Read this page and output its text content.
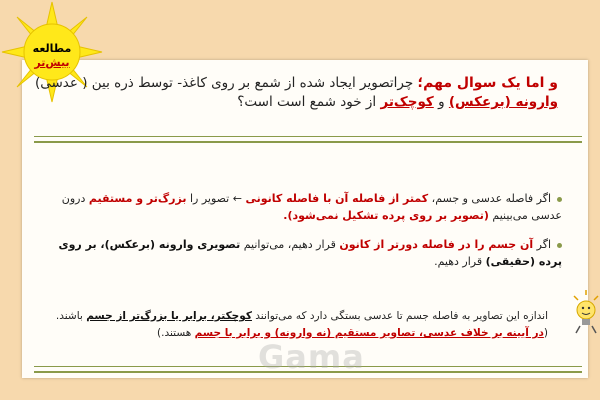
مطالعه
بیش‌تر
و اما یک سوال مهم؛ چراتصویر ایجاد شده از شمع بر روی کاغذ- توسط ذره بین ( عدسی) وارونه (برعکس) و کوچک‌تر از خود شمع است است؟
اگر فاصله عدسی و جسم، کمتر از فاصله آن با فاصله کانونی ← تصویر را بزرگ‌تر و مستقیم درون عدسی می‌بینیم (تصویر بر روی پرده تشکیل نمی‌شود).
اگر آن جسم را در فاصله دورتر از کانون قرار دهیم، می‌توانیم تصویری وارونه (برعکس)، بر روی پرده (حقیقی) قرار دهیم.
اندازه این تصاویر به فاصله جسم تا عدسی بستگی دارد که می‌توانند کوچکتر، برابر یا بزرگ‌تر از جسم باشند. (در آیینه بر خلاف عدسی، تصاویر مستقیم (نه وارونه) و برابر با جسم هستند.)
Gama
